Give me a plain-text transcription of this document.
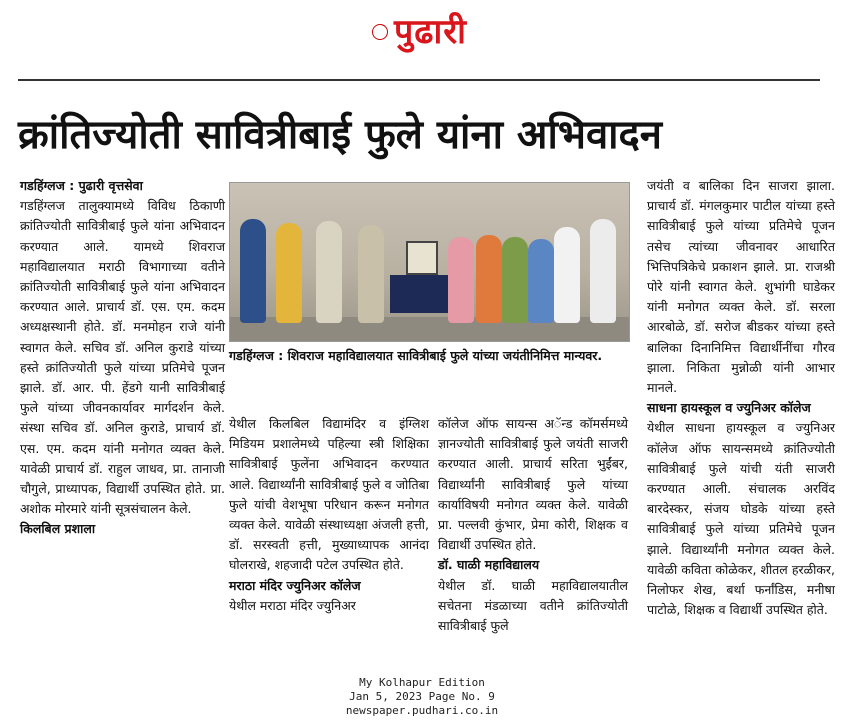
पुढारी
क्रांतिज्योती सावित्रीबाई फुले यांना अभिवादन

गडहिंग्लज : पुढारी वृत्तसेवा

गडहिंग्लज तालुक्यामध्ये विविध ठिकाणी क्रांतिज्योती सावित्रीबाई फुले यांना अभिवादन करण्यात आले. यामध्ये शिवराज महाविद्यालयात मराठी विभागाच्या वतीने क्रांतिज्योती सावित्रीबाई फुले यांना अभिवादन करण्यात आले. प्राचार्य डॉ. एस. एम. कदम अध्यक्षस्थानी होते. डॉ. मनमोहन राजे यांनी स्वागत केले. सचिव डॉ. अनिल कुराडे यांच्या हस्ते क्रांतिज्योती फुले यांच्या प्रतिमेचे पूजन झाले. डॉ. आर. पी. हेंडगे यानी सावित्रीबाई फुले यांच्या जीवनकार्यावर मार्गदर्शन केले. संस्था सचिव डॉ. अनिल कुराडे, प्राचार्य डॉ. एस. एम. कदम यांनी मनोगत व्यक्त केले. यावेळी प्राचार्य डॉ. राहुल जाधव, प्रा. तानाजी चौगुले, प्राध्यापक, विद्यार्थी उपस्थित होते. प्रा. अशोक मोरमारे यांनी सूत्रसंचालन केले.

किलबिल प्रशाला

गडहिंग्लज : शिवराज महाविद्यालयात सावित्रीबाई फुले यांच्या जयंतीनिमित्त मान्यवर.

येथील किलबिल विद्यामंदिर व इंग्लिश मिडियम प्रशालेमध्ये पहिल्या स्त्री शिक्षिका सावित्रीबाई फुलेंना अभिवादन करण्यात आले. विद्यार्थ्यांनी सावित्रीबाई फुले व जोतिबा फुले यांची वेशभूषा परिधान करून मनोगत व्यक्त केले. यावेळी संस्थाध्यक्षा अंजली हत्ती, डॉ. सरस्वती हत्ती, मुख्याध्यापक आनंदा घोलराखे, शहजादी पटेल उपस्थित होते.

मराठा मंदिर ज्युनिअर कॉलेज

येथील मराठा मंदिर ज्युनिअर

कॉलेज ऑफ सायन्स अॅन्ड कॉमर्समध्ये ज्ञानज्योती सावित्रीबाई फुले जयंती साजरी करण्यात आली. प्राचार्य सरिता भुईंबर, विद्यार्थ्यांनी सावित्रीबाई फुले यांच्या कार्याविषयी मनोगत व्यक्त केले. यावेळी प्रा. पल्लवी कुंभार, प्रेमा कोरी, शिक्षक व विद्यार्थी उपस्थित होते.

डॉ. घाळी महाविद्यालय

येथील डॉ. घाळी महाविद्यालयातील सचेतना मंडळाच्या वतीने क्रांतिज्योती सावित्रीबाई फुले

जयंती व बालिका दिन साजरा झाला. प्राचार्य डॉ. मंगलकुमार पाटील यांच्या हस्ते सावित्रीबाई फुले यांच्या प्रतिमेचे पूजन तसेच त्यांच्या जीवनावर आधारित भित्तिपत्रिकेचे प्रकाशन झाले. प्रा. राजश्री पोरे यांनी स्वागत केले. शुभांगी घाडेकर यांनी मनोगत व्यक्त केले. डॉ. सरला आरबोळे, डॉ. सरोज बीडकर यांच्या हस्ते बालिका दिनानिमित्त विद्यार्थीनींचा गौरव झाला. निकिता मुन्नोळी यांनी आभार मानले.

साधना हायस्कूल व ज्युनिअर कॉलेज

येथील साधना हायस्कूल व ज्युनिअर कॉलेज ऑफ सायन्समध्ये क्रांतिज्योती सावित्रीबाई फुले यांची यंती साजरी करण्यात आली. संचालक अरविंद बारदेस्कर, संजय घोडके यांच्या हस्ते सावित्रीबाई फुले यांच्या प्रतिमेचे पूजन झाले. विद्यार्थ्यांनी मनोगत व्यक्त केले. यावेळी कविता कोळेकर, शीतल हरळीकर, निलोफर शेख, बर्था फर्नांडिस, मनीषा पाटोळे, शिक्षक व विद्यार्थी उपस्थित होते.

My Kolhapur Edition
Jan 5, 2023 Page No. 9
newspaper.pudhari.co.in
